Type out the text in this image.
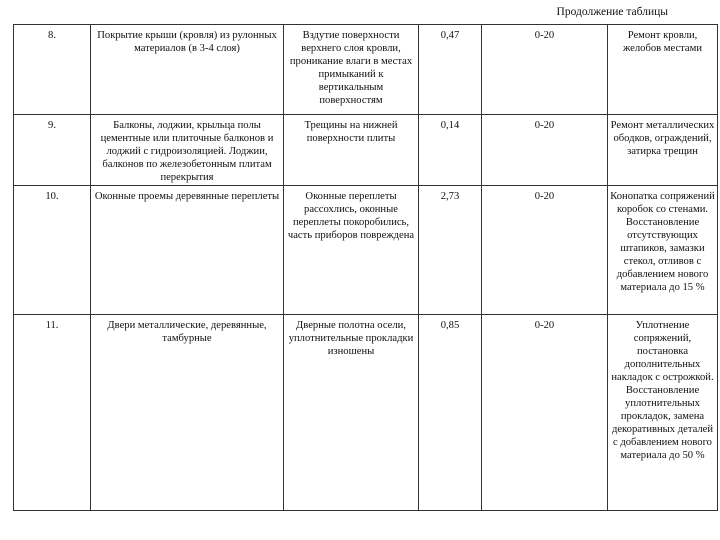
Продолжение таблицы
8.	Покрытие крыши (кровля) из рулонных материалов (в 3-4 слоя)	Вздутие поверхности верхнего слоя кровли, проникание влаги в местах примыканий к вертикальным поверхностям	0,47	0-20	Ремонт кровли, желобов местами
9.	Балконы, лоджии, крыльца полы цементные или плиточные балконов и лоджий с гидроизоляцией. Лоджии, балконов по железобетонным плитам перекрытия	Трещины на нижней поверхности плиты	0,14	0-20	Ремонт металлических ободков, ограждений, затирка трещин
10.	Оконные проемы деревянные переплеты	Оконные переплеты рассохлись, оконные переплеты покоробились, часть приборов повреждена	2,73	0-20	Конопатка сопряжений коробок со стенами. Восстановление отсутствующих штапиков, замазки стекол, отливов с добавлением нового материала до 15 %
11.	Двери металлические, деревянные, тамбурные	Дверные полотна осели, уплотнительные прокладки изношены	0,85	0-20	Уплотнение сопряжений, постановка дополнительных накладок с острожкой. Восстановление уплотнительных прокладок, замена декоративных деталей с добавлением нового материала до 50 %
